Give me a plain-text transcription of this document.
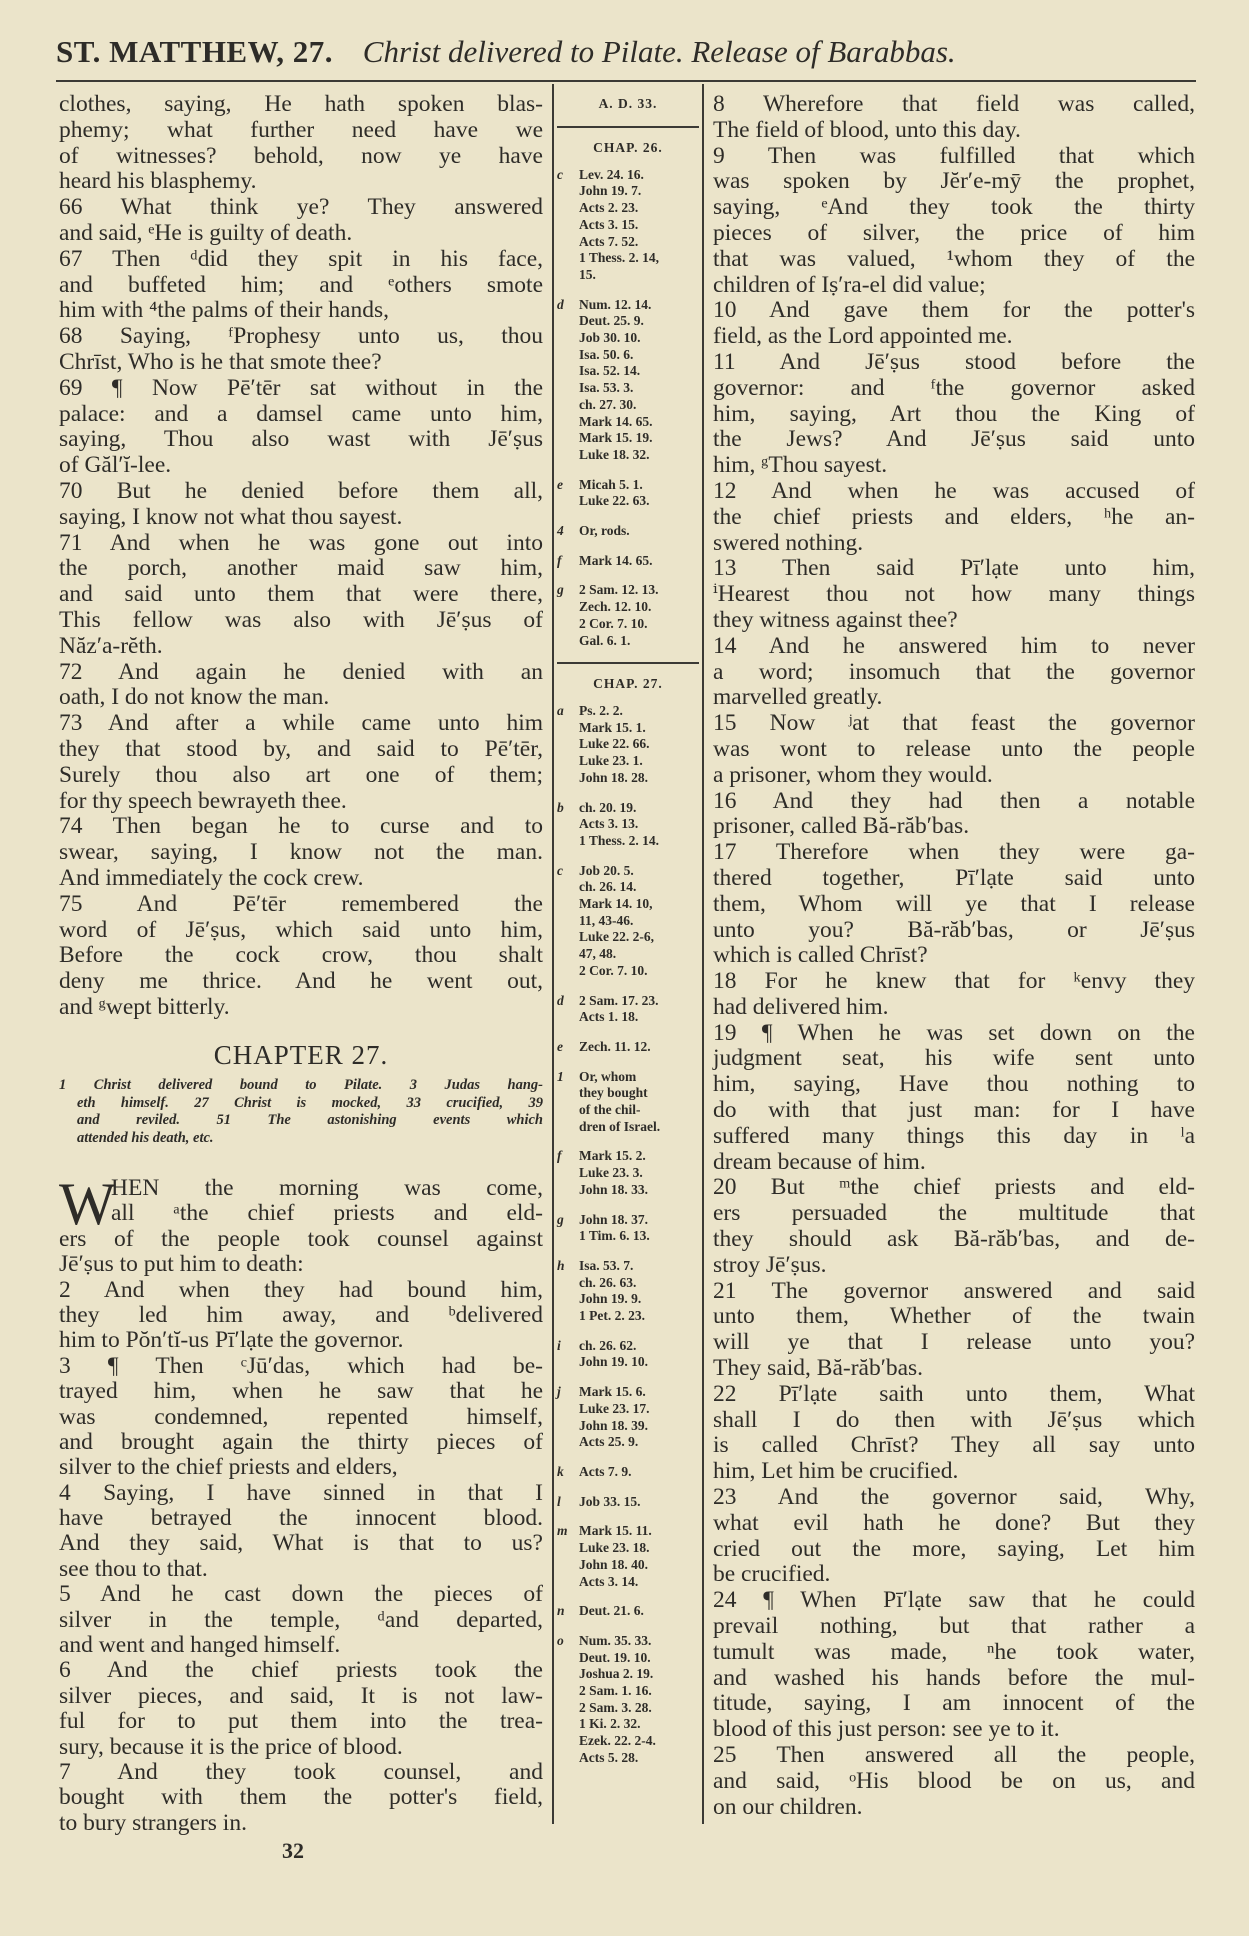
ST. MATTHEW, 27. Christ delivered to Pilate. Release of Barabbas.
clothes, saying, He hath spoken blas-
phemy; what further need have we
of witnesses? behold, now ye have
heard his blasphemy.
66 What think ye? They answered
and said, ᵉHe is guilty of death.
67 Then ᵈdid they spit in his face,
and buffeted him; and ᵉothers smote
him with ⁴the palms of their hands,
68 Saying, ᶠProphesy unto us, thou
Chrīst, Who is he that smote thee?
69 ¶ Now Pē′tēr sat without in the
palace: and a damsel came unto him,
saying, Thou also wast with Jē′ṣus
of Găl′ĭ-lee.
70 But he denied before them all,
saying, I know not what thou sayest.
71 And when he was gone out into
the porch, another maid saw him,
and said unto them that were there,
This fellow was also with Jē′ṣus of
Năz′a-rĕth.
72 And again he denied with an
oath, I do not know the man.
73 And after a while came unto him
they that stood by, and said to Pē′tēr,
Surely thou also art one of them;
for thy speech bewrayeth thee.
74 Then began he to curse and to
swear, saying, I know not the man.
And immediately the cock crew.
75 And Pē′tēr remembered the
word of Jē′ṣus, which said unto him,
Before the cock crow, thou shalt
deny me thrice. And he went out,
and ᵍwept bitterly.
CHAPTER 27.
1 Christ delivered bound to Pilate. 3 Judas hang-
eth himself. 27 Christ is mocked, 33 crucified, 39
and reviled. 51 The astonishing events which
attended his death, etc.
W
HEN the morning was come,
all ᵃthe chief priests and eld-
ers of the people took counsel against
Jē′ṣus to put him to death:
2 And when they had bound him,
they led him away, and ᵇdelivered
him to Pŏn′tĭ-us Pī′lạte the governor.
3 ¶ Then ᶜJū′das, which had be-
trayed him, when he saw that he
was condemned, repented himself,
and brought again the thirty pieces of
silver to the chief priests and elders,
4 Saying, I have sinned in that I
have betrayed the innocent blood.
And they said, What is that to us?
see thou to that.
5 And he cast down the pieces of
silver in the temple, ᵈand departed,
and went and hanged himself.
6 And the chief priests took the
silver pieces, and said, It is not law-
ful for to put them into the trea-
sury, because it is the price of blood.
7 And they took counsel, and
bought with them the potter's field,
to bury strangers in.
A. D. 33.
CHAP. 26.
c Lev. 24. 16.
John 19. 7.
Acts 2. 23.
Acts 3. 15.
Acts 7. 52.
1 Thess. 2. 14,
15.
d Num. 12. 14.
Deut. 25. 9.
Job 30. 10.
Isa. 50. 6.
Isa. 52. 14.
Isa. 53. 3.
ch. 27. 30.
Mark 14. 65.
Mark 15. 19.
Luke 18. 32.
e Micah 5. 1.
Luke 22. 63.
4 Or, rods.
f Mark 14. 65.
g 2 Sam. 12. 13.
Zech. 12. 10.
2 Cor. 7. 10.
Gal. 6. 1.
CHAP. 27.
a Ps. 2. 2.
Mark 15. 1.
Luke 22. 66.
Luke 23. 1.
John 18. 28.
b ch. 20. 19.
Acts 3. 13.
1 Thess. 2. 14.
c Job 20. 5.
ch. 26. 14.
Mark 14. 10,
11, 43-46.
Luke 22. 2-6,
47, 48.
2 Cor. 7. 10.
d 2 Sam. 17. 23.
Acts 1. 18.
e Zech. 11. 12.
1 Or, whom
they bought
of the chil-
dren of Israel.
f Mark 15. 2.
Luke 23. 3.
John 18. 33.
g John 18. 37.
1 Tim. 6. 13.
h Isa. 53. 7.
ch. 26. 63.
John 19. 9.
1 Pet. 2. 23.
i ch. 26. 62.
John 19. 10.
j Mark 15. 6.
Luke 23. 17.
John 18. 39.
Acts 25. 9.
k Acts 7. 9.
l Job 33. 15.
m Mark 15. 11.
Luke 23. 18.
John 18. 40.
Acts 3. 14.
n Deut. 21. 6.
o Num. 35. 33.
Deut. 19. 10.
Joshua 2. 19.
2 Sam. 1. 16.
2 Sam. 3. 28.
1 Ki. 2. 32.
Ezek. 22. 2-4.
Acts 5. 28.
8 Wherefore that field was called,
The field of blood, unto this day.
9 Then was fulfilled that which
was spoken by Jĕr′e-mȳ the prophet,
saying, ᵉAnd they took the thirty
pieces of silver, the price of him
that was valued, ¹whom they of the
children of Iṣ′ra-el did value;
10 And gave them for the potter's
field, as the Lord appointed me.
11 And Jē′ṣus stood before the
governor: and ᶠthe governor asked
him, saying, Art thou the King of
the Jews? And Jē′ṣus said unto
him, ᵍThou sayest.
12 And when he was accused of
the chief priests and elders, ʰhe an-
swered nothing.
13 Then said Pī′lạte unto him,
ⁱHearest thou not how many things
they witness against thee?
14 And he answered him to never
a word; insomuch that the governor
marvelled greatly.
15 Now ʲat that feast the governor
was wont to release unto the people
a prisoner, whom they would.
16 And they had then a notable
prisoner, called Bă-răb′bas.
17 Therefore when they were ga-
thered together, Pī′lạte said unto
them, Whom will ye that I release
unto you? Bă-răb′bas, or Jē′ṣus
which is called Chrīst?
18 For he knew that for ᵏenvy they
had delivered him.
19 ¶ When he was set down on the
judgment seat, his wife sent unto
him, saying, Have thou nothing to
do with that just man: for I have
suffered many things this day in ˡa
dream because of him.
20 But ᵐthe chief priests and eld-
ers persuaded the multitude that
they should ask Bă-răb′bas, and de-
stroy Jē′ṣus.
21 The governor answered and said
unto them, Whether of the twain
will ye that I release unto you?
They said, Bă-răb′bas.
22 Pī′lạte saith unto them, What
shall I do then with Jē′ṣus which
is called Chrīst? They all say unto
him, Let him be crucified.
23 And the governor said, Why,
what evil hath he done? But they
cried out the more, saying, Let him
be crucified.
24 ¶ When Pī′lạte saw that he could
prevail nothing, but that rather a
tumult was made, ⁿhe took water,
and washed his hands before the mul-
titude, saying, I am innocent of the
blood of this just person: see ye to it.
25 Then answered all the people,
and said, ᵒHis blood be on us, and
on our children.
32
